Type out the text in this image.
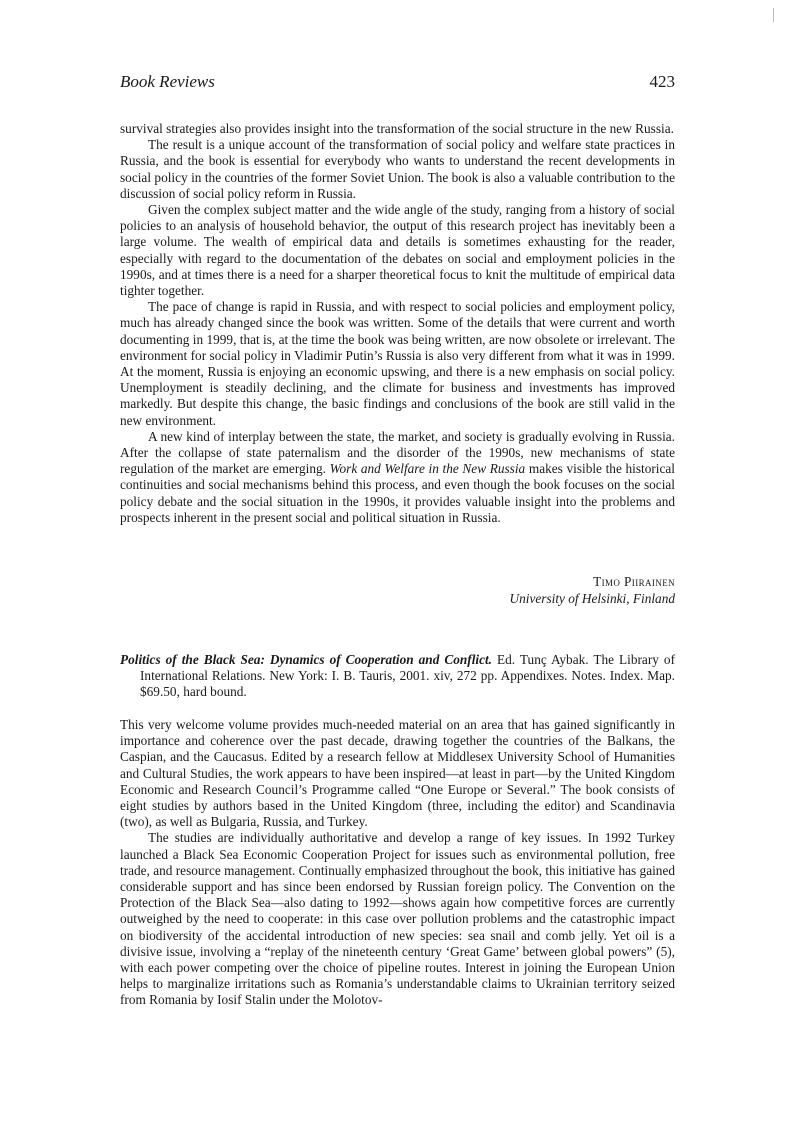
Book Reviews	423

survival strategies also provides insight into the transformation of the social structure in the new Russia.

The result is a unique account of the transformation of social policy and welfare state practices in Russia, and the book is essential for everybody who wants to understand the recent developments in social policy in the countries of the former Soviet Union. The book is also a valuable contribution to the discussion of social policy reform in Russia.

Given the complex subject matter and the wide angle of the study, ranging from a history of social policies to an analysis of household behavior, the output of this research project has inevitably been a large volume. The wealth of empirical data and details is sometimes exhausting for the reader, especially with regard to the documentation of the debates on social and employment policies in the 1990s, and at times there is a need for a sharper theoretical focus to knit the multitude of empirical data tighter together.

The pace of change is rapid in Russia, and with respect to social policies and employment policy, much has already changed since the book was written. Some of the details that were current and worth documenting in 1999, that is, at the time the book was being written, are now obsolete or irrelevant. The environment for social policy in Vladimir Putin’s Russia is also very different from what it was in 1999. At the moment, Russia is enjoying an economic upswing, and there is a new emphasis on social policy. Unemployment is steadily declining, and the climate for business and investments has improved markedly. But despite this change, the basic findings and conclusions of the book are still valid in the new environment.

A new kind of interplay between the state, the market, and society is gradually evolving in Russia. After the collapse of state paternalism and the disorder of the 1990s, new mechanisms of state regulation of the market are emerging. Work and Welfare in the New Russia makes visible the historical continuities and social mechanisms behind this process, and even though the book focuses on the social policy debate and the social situation in the 1990s, it provides valuable insight into the problems and prospects inherent in the present social and political situation in Russia.

Timo Piirainen
University of Helsinki, Finland
Politics of the Black Sea: Dynamics of Cooperation and Conflict. Ed. Tunç Aybak. The Library of International Relations. New York: I. B. Tauris, 2001. xiv, 272 pp. Appendixes. Notes. Index. Map. $69.50, hard bound.

This very welcome volume provides much-needed material on an area that has gained significantly in importance and coherence over the past decade, drawing together the countries of the Balkans, the Caspian, and the Caucasus. Edited by a research fellow at Middlesex University School of Humanities and Cultural Studies, the work appears to have been inspired—at least in part—by the United Kingdom Economic and Research Council’s Programme called “One Europe or Several.” The book consists of eight studies by authors based in the United Kingdom (three, including the editor) and Scandinavia (two), as well as Bulgaria, Russia, and Turkey.

The studies are individually authoritative and develop a range of key issues. In 1992 Turkey launched a Black Sea Economic Cooperation Project for issues such as environmental pollution, free trade, and resource management. Continually emphasized throughout the book, this initiative has gained considerable support and has since been endorsed by Russian foreign policy. The Convention on the Protection of the Black Sea—also dating to 1992—shows again how competitive forces are currently outweighed by the need to cooperate: in this case over pollution problems and the catastrophic impact on biodiversity of the accidental introduction of new species: sea snail and comb jelly. Yet oil is a divisive issue, involving a “replay of the nineteenth century ‘Great Game’ between global powers” (5), with each power competing over the choice of pipeline routes. Interest in joining the European Union helps to marginalize irritations such as Romania’s understandable claims to Ukrainian territory seized from Romania by Iosif Stalin under the Molotov-
